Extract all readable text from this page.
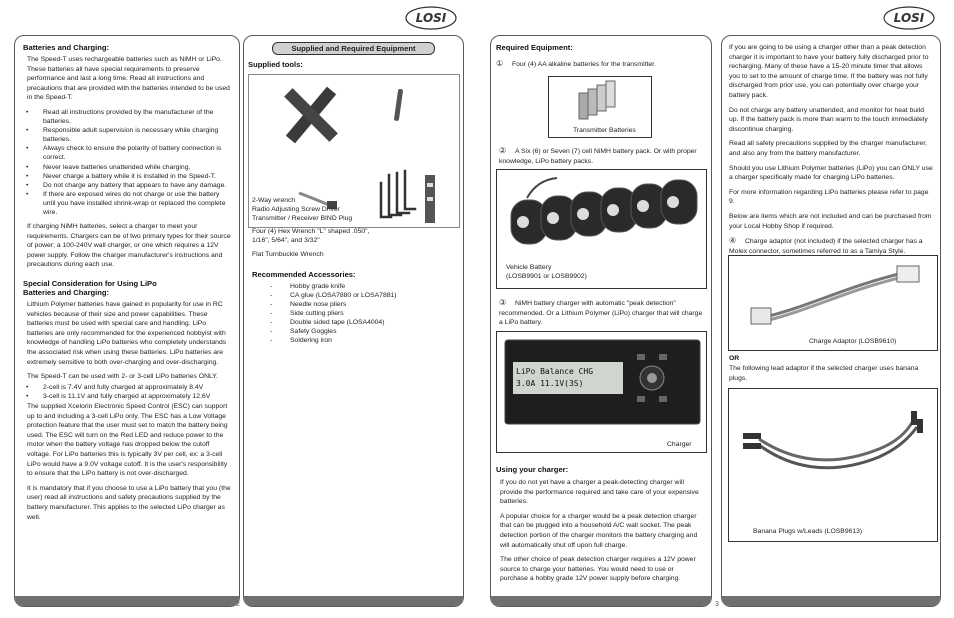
LOSI	LOSI
Batteries and Charging:

The Speed-T uses rechargeable batteries such as NiMH or LiPo. These batteries all have special requirements to preserve performance and last a long time. Read all instructions and precautions that are provided with the batteries intended to be used in the Speed-T.

• Read all instructions provided by the manufacturer of the batteries.
• Responsible adult supervision is necessary while charging batteries.
• Always check to ensure the polarity of battery connection is correct.
• Never leave batteries unattended while charging.
• Never charge a battery while it is installed in the Speed-T.
• Do not charge any battery that appears to have any damage.
• If there are exposed wires do not charge or use the battery until you have installed shrink-wrap or replaced the complete wire.

If charging NiMH batteries, select a charger to meet your requirements. Chargers can be of two primary types for their source of power; a 100-240V wall charger, or one which requires a 12V power supply. Follow the charger manufacturer's instructions and precautions during each use.

Special Consideration for Using LiPo
Batteries and Charging:

Lithium Polymer batteries have gained in popularity for use in RC vehicles because of their size and power capabilities. These batteries must be used with special care and handling. LiPo batteries are only recommended for the experienced hobbyist with knowledge of handling LiPo batteries who completely understands the associated risk when using these batteries. LiPo batteries are extremely sensitive to both over-charging and over-discharging.

The Speed-T can be used with 2- or 3-cell LiPo batteries ONLY.

• 2-cell is 7.4V and fully charged at approximately 8.4V
• 3-cell is 11.1V and fully charged at approximately 12.6V

The supplied Xcelorin Electronic Speed Control (ESC) can support up to and including a 3-cell LiPo only. The ESC has a Low Voltage protection feature that the user must set to match the battery being used. The ESC will turn on the Red LED and reduce power to the motor when the battery voltage has dropped below the cutoff voltage. For LiPo batteries this is typically 3V per cell, ex: a 3-cell LiPo would have a 9.0V voltage cutoff. It is the user's responsibility to ensure that the LiPo battery is not over-discharged.

It is mandatory that if you choose to use a LiPo battery that you (the user) read all instructions and safety precautions supplied by the battery manufacturer. This applies to the selected LiPo charger as well.

Supplied and Required Equipment
Supplied tools:

2-Way wrench

Radio Adjusting Screw Driver

Transmitter / Receiver BIND Plug

Four (4) Hex Wrench "L" shaped .050", 1/16", 5/64", and 3/32"

Flat Turnbuckle Wrench

Recommended Accessories:
- Hobby grade knife
- CA glue (LOSA7880 or LOSA7881)
- Needle nose pliers
- Side cutting pliers
- Double sided tape (LOSA4004)
- Safety Goggles
- Soldering iron
2
Required Equipment:

① Four (4) AA alkaline batteries for the transmitter.

Transmitter Batteries

② A Six (6) or Seven (7) cell NiMH battery pack. Or with proper knowledge, LiPo battery packs.

Vehicle Battery
(LOSB9901 or LOSB9902)

③ NiMH battery charger with automatic "peak detection" recommended. Or a Lithium Polymer (LiPo) charger that will charge a LiPo battery.

LiPo Balance CHG
3.0A 11.1V(3S)
Charger
Using your charger:

If you do not yet have a charger a peak-detecting charger will provide the performance required and take care of your expensive batteries.

A popular choice for a charger would be a peak detection charger that can be plugged into a household A/C wall socket. The peak detection portion of the charger monitors the battery charging and will automatically shut off upon full charge.

The other choice of peak detection charger requires a 12V power source to charge your batteries. You would need to use or purchase a hobby grade 12V power supply before charging.

3

If you are going to be using a charger other than a peak detection charger it is important to have your battery fully discharged prior to recharging. Many of these have a 15-20 minute timer that allows you to set to the amount of charge time. If the battery was not fully discharged from prior use, you can potentially over charge your battery pack.

Do not charge any battery unattended, and monitor for heat build up. If the battery pack is more than warm to the touch immediately discontinue charging.

Read all safety precautions supplied by the charger manufacturer, and also any from the battery manufacturer.

Should you use Lithium Polymer batteries (LiPo) you can ONLY use a charger specifically made for charging LiPo batteries.

For more information regarding LiPo batteries please refer to page 9.

Below are items which are not included and can be purchased from your Local Hobby Shop if required.

④ Charge adaptor (not included) if the selected charger has a Molex connector, sometimes referred to as a Tamiya Style.

Charge Adaptor (LOSB9610)
OR

The following lead adaptor if the selected charger uses banana plugs.

Banana Plugs w/Leads (LOSB9613)
